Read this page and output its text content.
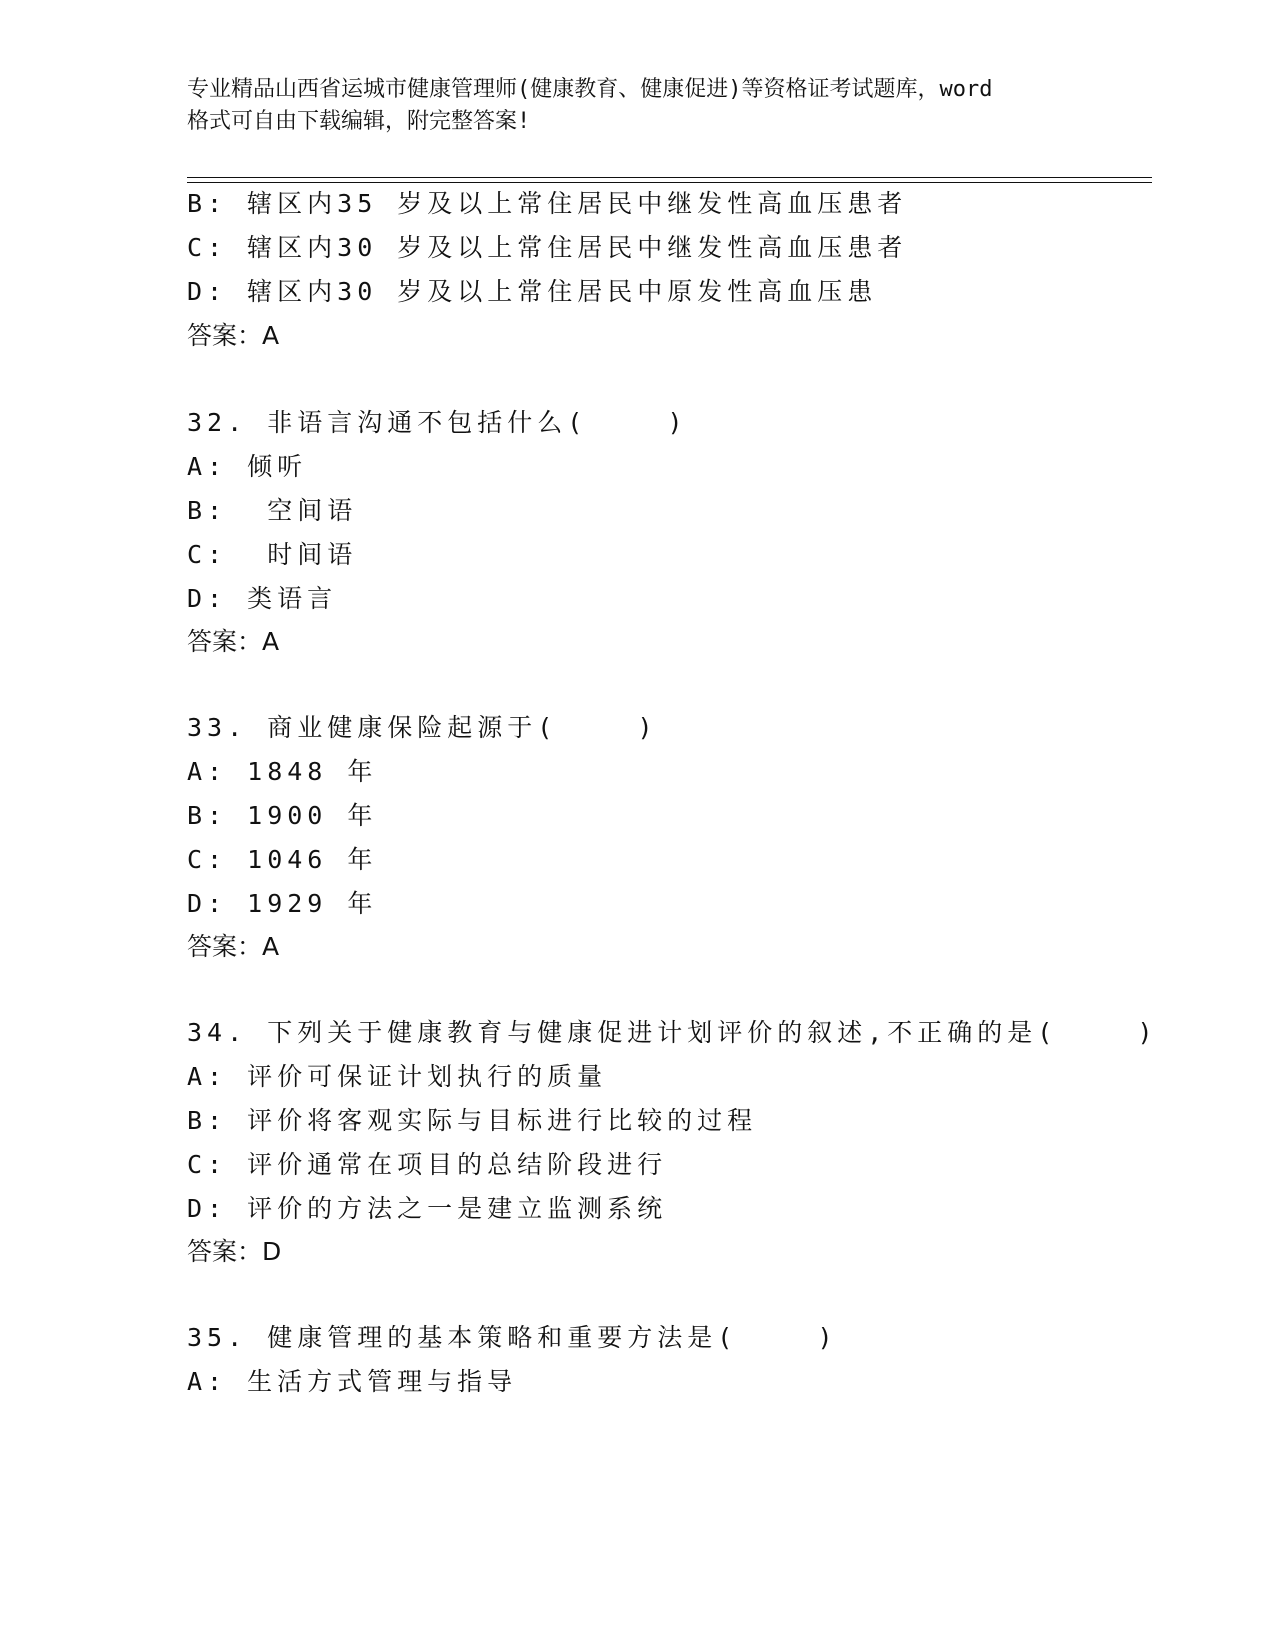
专业精品山西省运城市健康管理师(健康教育、健康促进)等资格证考试题库，word
格式可自由下载编辑，附完整答案!
B: 辖区内35 岁及以上常住居民中继发性高血压患者
C: 辖区内30 岁及以上常住居民中继发性高血压患者
D: 辖区内30 岁及以上常住居民中原发性高血压患
答案：A
32. 非语言沟通不包括什么(    )
A: 倾听
B:  空间语
C:  时间语
D: 类语言
答案：A
33. 商业健康保险起源于(    )
A: 1848 年
B: 1900 年
C: 1046 年
D: 1929 年
答案：A
34. 下列关于健康教育与健康促进计划评价的叙述,不正确的是(    )
A: 评价可保证计划执行的质量
B: 评价将客观实际与目标进行比较的过程
C: 评价通常在项目的总结阶段进行
D: 评价的方法之一是建立监测系统
答案：D
35. 健康管理的基本策略和重要方法是(    )
A: 生活方式管理与指导
